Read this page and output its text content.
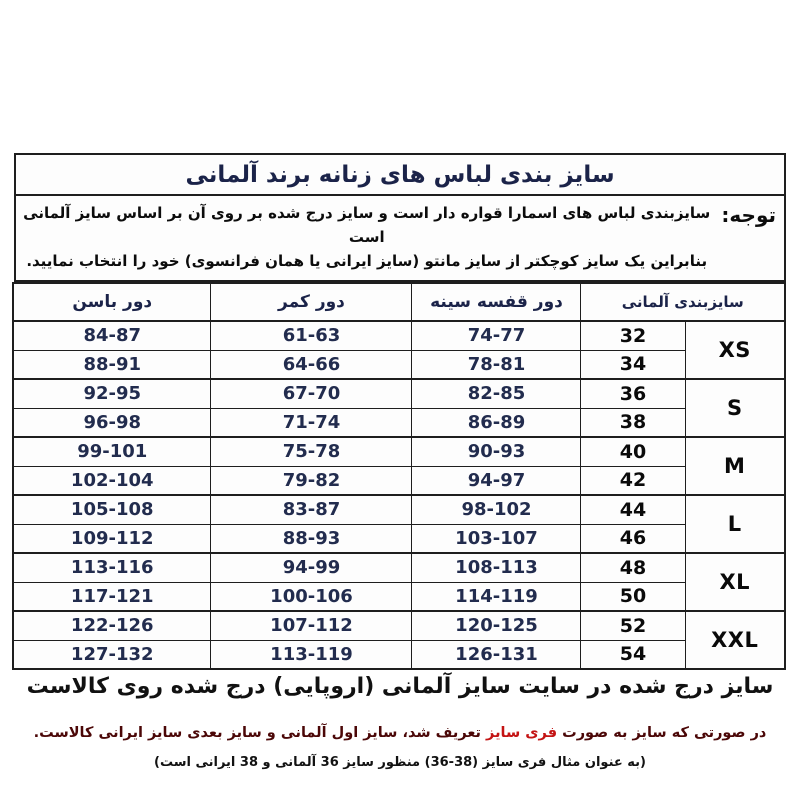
سایز بندی لباس های زنانه برند آلمانی
توجه:
سایزبندی لباس های اسمارا قواره دار است و سایز درج شده بر روی آن بر اساس سایز آلمانی است
بنابراین یک سایز کوچکتر از سایز مانتو (سایز ایرانی یا همان فرانسوی) خود را انتخاب نمایید.
سایزبندی آلمانی		دور قفسه سینه	دور کمر	دور باسن
XS	32	74-77	61-63	84-87
	34	78-81	64-66	88-91
S	36	82-85	67-70	92-95
	38	86-89	71-74	96-98
M	40	90-93	75-78	99-101
	42	94-97	79-82	102-104
L	44	98-102	83-87	105-108
	46	103-107	88-93	109-112
XL	48	108-113	94-99	113-116
	50	114-119	100-106	117-121
XXL	52	120-125	107-112	122-126
	54	126-131	113-119	127-132
سایز درج شده در سایت سایز آلمانی (اروپایی) درج شده روی کالاست
در صورتی که سایز به صورت فری سایز تعریف شد، سایز اول آلمانی و سایز بعدی سایز ایرانی کالاست.
(به عنوان مثال فری سایز (38-36) منظور سایز 36 آلمانی و 38 ایرانی است)
